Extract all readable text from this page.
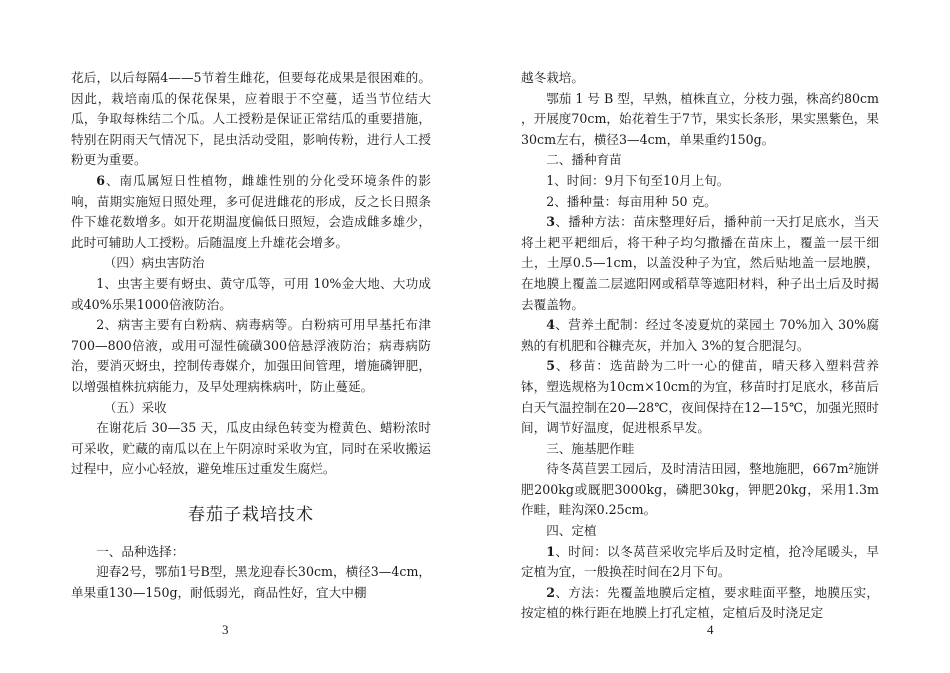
花后，以后每隔4——5节着生雌花，但要每花成果是很困难的。因此，栽培南瓜的保花保果，应着眼于不空蔓，适当节位结大瓜，争取每株结二个瓜。人工授粉是保证正常结瓜的重要措施，特别在阴雨天气情况下，昆虫活动受阻，影响传粉，进行人工授粉更为重要。

6、南瓜属短日性植物，雌雄性别的分化受环境条件的影响，苗期实施短日照处理，多可促进雌花的形成，反之长日照条件下雄花数增多。如开花期温度偏低日照短，会造成雌多雄少，此时可辅助人工授粉。后随温度上升雄花会增多。

（四）病虫害防治

1、虫害主要有蚜虫、黄守瓜等，可用 10%金大地、大功成或40%乐果1000倍液防治。

2、病害主要有白粉病、病毒病等。白粉病可用早基托布津700—800倍液，或用可湿性硫磺300倍悬浮液防治；病毒病防治，要消灭蚜虫，控制传毒媒介，加强田间管理，增施磷钾肥，以增强植株抗病能力，及早处理病株病叶，防止蔓延。

（五）采收

在谢花后 30—35 天，瓜皮由绿色转变为橙黄色、蜡粉浓时可采收，贮藏的南瓜以在上午阴凉时采收为宜，同时在采收搬运过程中，应小心轻放，避免堆压过重发生腐烂。

春茄子栽培技术

一、品种选择：

迎春2号，鄂茄1号B型，黑龙迎春长30cm，横径3—4cm，单果重130—150g，耐低弱光，商品性好，宜大中棚

3

越冬栽培。

鄂茄 1 号 B 型，早熟，植株直立，分枝力强，株高约80cm ，开展度70cm，始花着生于7节，果实长条形，果实黑紫色，果30cm左右，横径3—4cm，单果重约150g。

二、播种育苗

1、时间：9月下旬至10月上旬。

2、播种量：每亩用种 50 克。

3、播种方法：苗床整理好后，播种前一天打足底水，当天将土耙平耙细后，将干种子均匀撒播在苗床上，覆盖一层干细土，土厚0.5—1cm，以盖没种子为宜，然后贴地盖一层地膜，在地膜上覆盖二层遮阳网或稻草等遮阳材料，种子出土后及时揭去覆盖物。

4、营养土配制：经过冬凌夏炕的菜园土 70%加入 30%腐熟的有机肥和谷糠壳灰，并加入 3%的复合肥混匀。

5、移苗：选苗龄为二叶一心的健苗，晴天移入塑料营养钵，塑选规格为10cm×10cm的为宜，移苗时打足底水，移苗后白天气温控制在20—28℃，夜间保持在12—15℃，加强光照时间，调节好温度，促进根系早发。

三、施基肥作畦

待冬莴苣罢工园后，及时清洁田园，整地施肥，667m²施饼肥200kg或厩肥3000kg，磷肥30kg，钾肥20kg，采用1.3m作畦，畦沟深0.25cm。

四、定植

1、时间：以冬莴苣采收完毕后及时定植，抢冷尾暖头，早定植为宜，一般换茬时间在2月下旬。

2、方法：先覆盖地膜后定植，要求畦面平整，地膜压实，按定植的株行距在地膜上打孔定植，定植后及时浇足定

4
